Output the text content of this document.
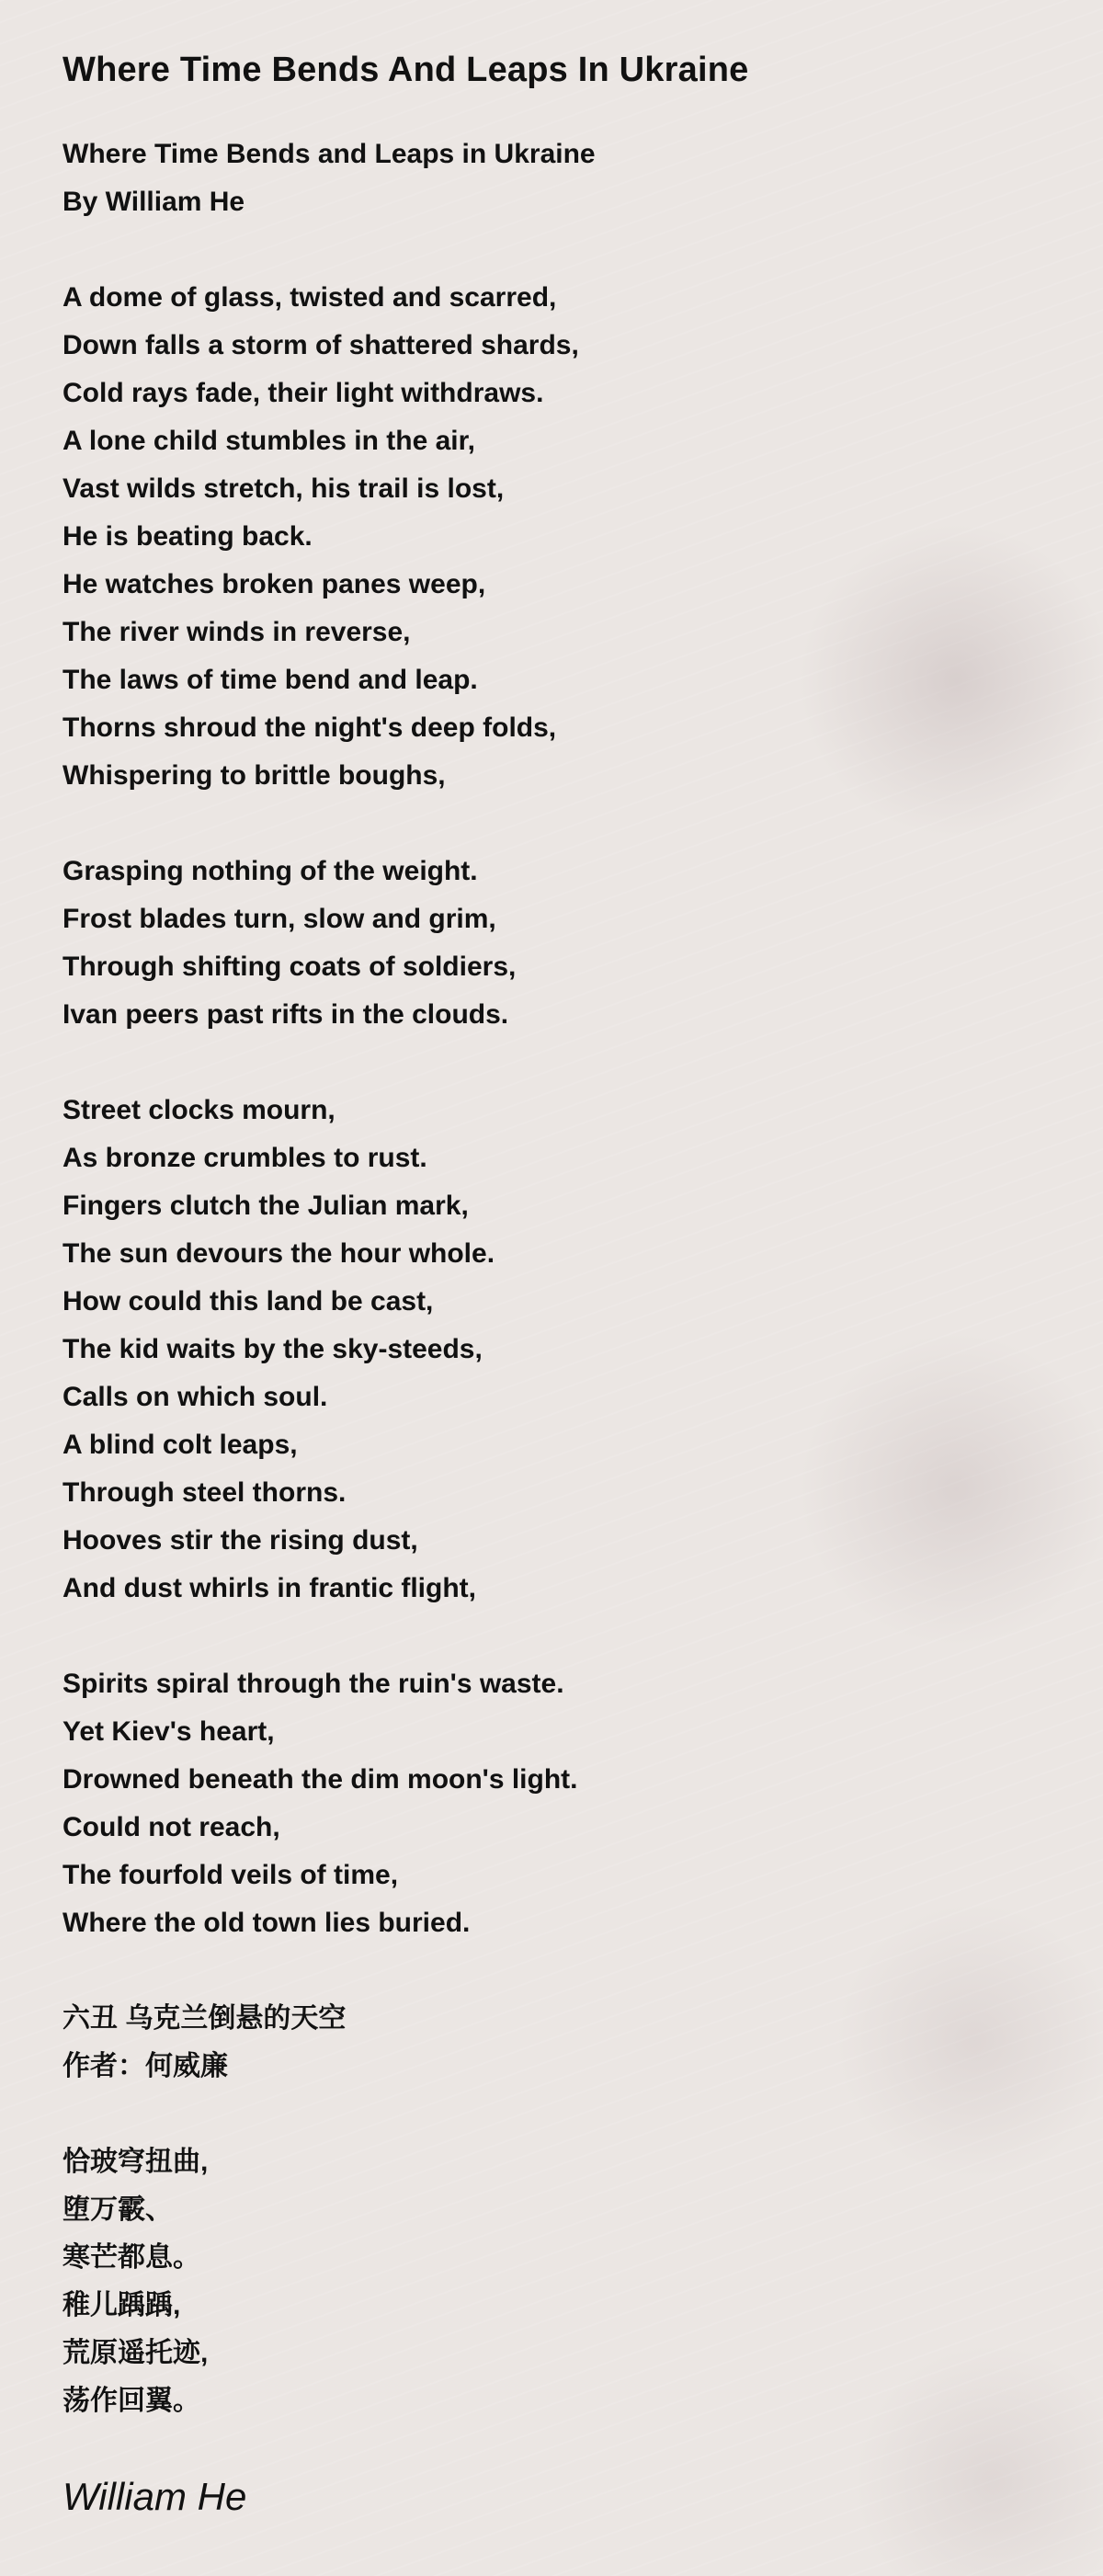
Where Time Bends And Leaps In Ukraine
Where Time Bends and Leaps in Ukraine
By William He
A dome of glass, twisted and scarred,
Down falls a storm of shattered shards,
Cold rays fade, their light withdraws.
A lone child stumbles in the air,
Vast wilds stretch, his trail is lost,
He is beating back.
He watches broken panes weep,
The river winds in reverse,
The laws of time bend and leap.
Thorns shroud the night's deep folds,
Whispering to brittle boughs,
Grasping nothing of the weight.
Frost blades turn, slow and grim,
Through shifting coats of soldiers,
Ivan peers past rifts in the clouds.
Street clocks mourn,
As bronze crumbles to rust.
Fingers clutch the Julian mark,
The sun devours the hour whole.
How could this land be cast,
The kid waits by the sky-steeds,
Calls on which soul.
A blind colt leaps,
Through steel thorns.
Hooves stir the rising dust,
And dust whirls in frantic flight,
Spirits spiral through the ruin's waste.
Yet Kiev's heart,
Drowned beneath the dim moon's light.
Could not reach,
The fourfold veils of time,
Where the old town lies buried.
六丑 乌克兰倒悬的天空
作者：何威廉
恰玻穹扭曲,
堕万霰、
寒芒都息。
稚儿踽踽,
荒原遥托迹,
荡作回翼。
William He
